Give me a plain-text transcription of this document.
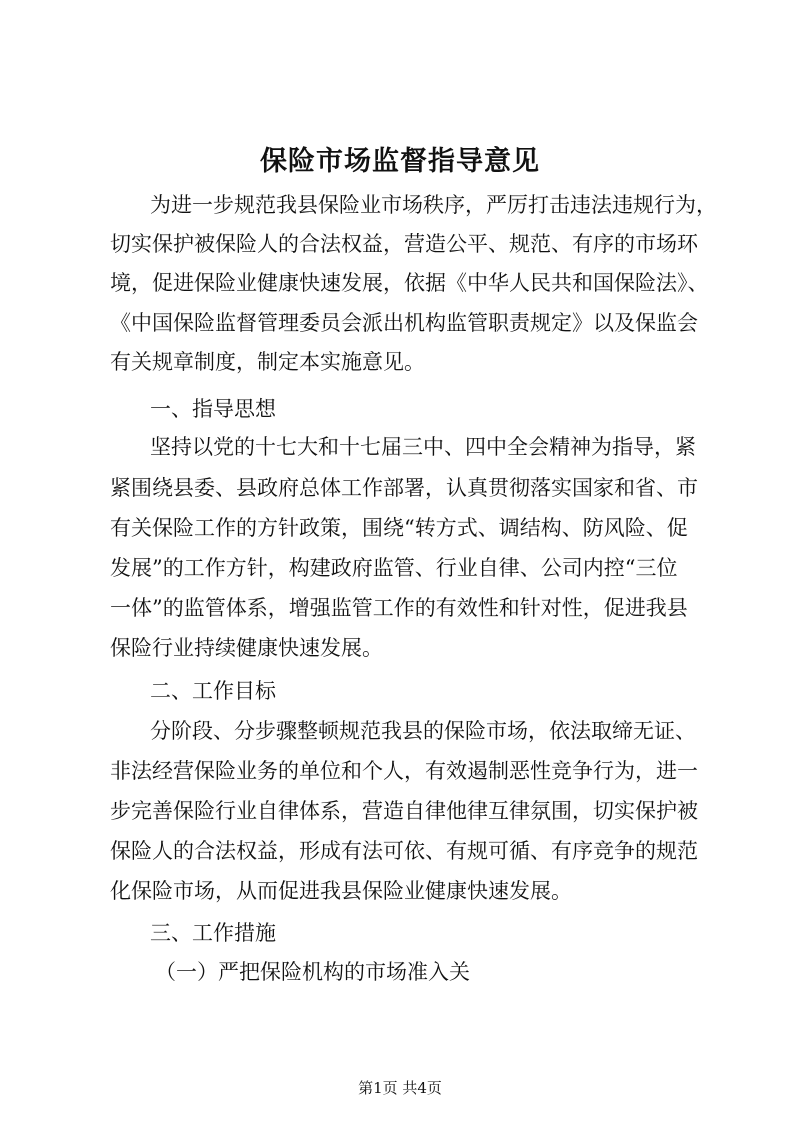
保险市场监督指导意见
为进一步规范我县保险业市场秩序，严厉打击违法违规行为，
切实保护被保险人的合法权益，营造公平、规范、有序的市场环
境，促进保险业健康快速发展，依据《中华人民共和国保险法》、
《中国保险监督管理委员会派出机构监管职责规定》以及保监会
有关规章制度，制定本实施意见。
一、指导思想
坚持以党的十七大和十七届三中、四中全会精神为指导，紧
紧围绕县委、县政府总体工作部署，认真贯彻落实国家和省、市
有关保险工作的方针政策，围绕“转方式、调结构、防风险、促
发展”的工作方针，构建政府监管、行业自律、公司内控“三位
一体”的监管体系，增强监管工作的有效性和针对性，促进我县
保险行业持续健康快速发展。
二、工作目标
分阶段、分步骤整顿规范我县的保险市场，依法取缔无证、
非法经营保险业务的单位和个人，有效遏制恶性竞争行为，进一
步完善保险行业自律体系，营造自律他律互律氛围，切实保护被
保险人的合法权益，形成有法可依、有规可循、有序竞争的规范
化保险市场，从而促进我县保险业健康快速发展。
三、工作措施
（一）严把保险机构的市场准入关
第1页 共4页
